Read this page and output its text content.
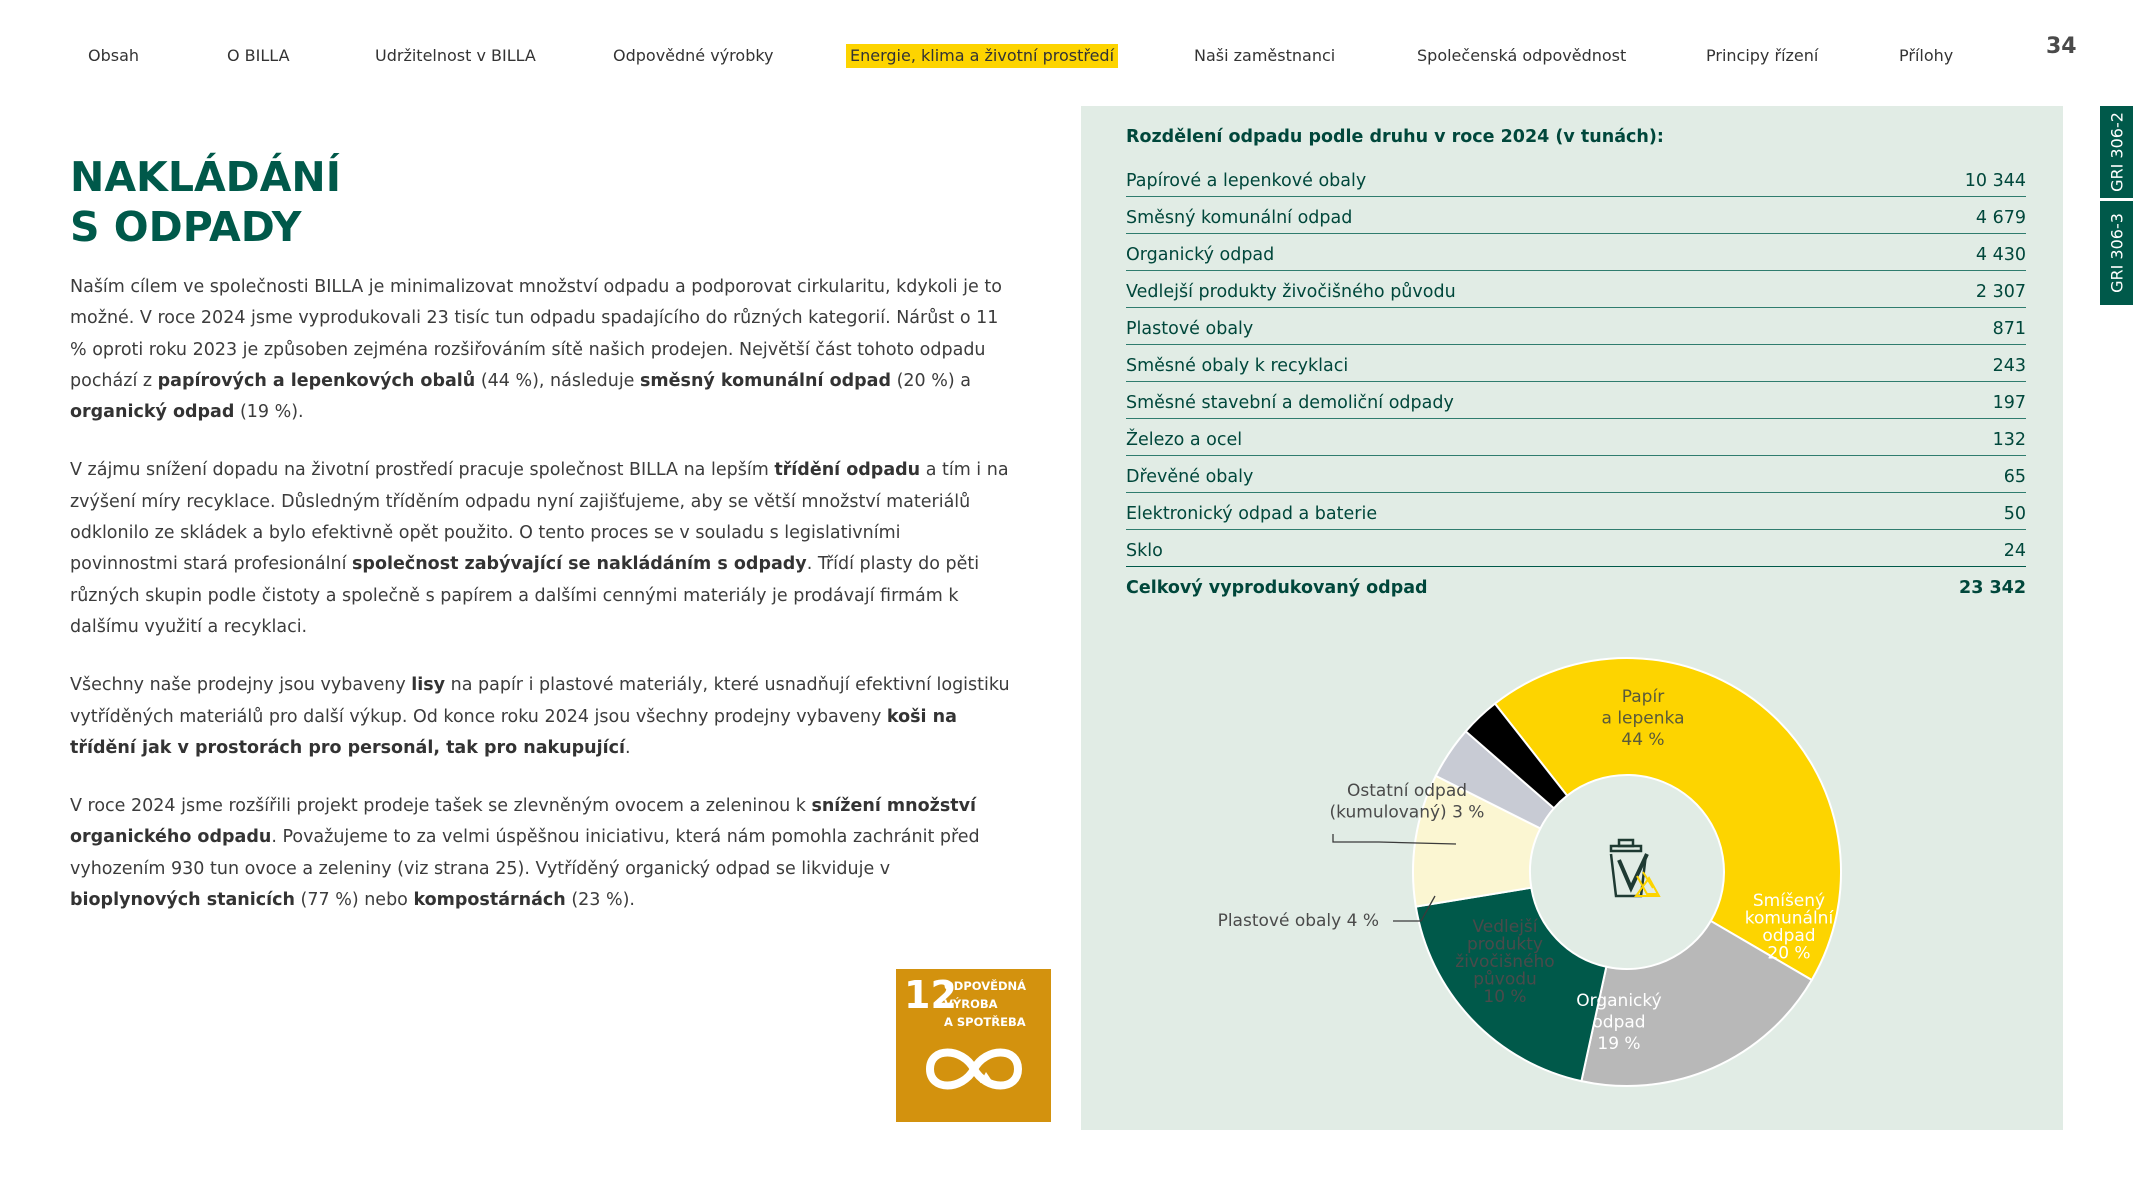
Obsah	O BILLA	Udržitelnost v BILLA	Odpovědné výrobky	Energie, klima a životní prostředí	Naši zaměstnanci	Společenská odpovědnost	Principy řízení	Přílohy	34
GRI 306-2
GRI 306-3
NAKLÁDÁNÍ
S ODPADY

Naším cílem ve společnosti BILLA je minimalizovat množství odpadu a podporovat cirkularitu, kdykoli je to možné. V roce 2024 jsme vyprodukovali 23 tisíc tun odpadu spadajícího do různých kategorií. Nárůst o 11 % oproti roku 2023 je způsoben zejména rozšiřováním sítě našich prodejen. Největší část tohoto odpadu pochází z papírových a lepenkových obalů (44 %), následuje směsný komunální odpad (20 %) a organický odpad (19 %).

V zájmu snížení dopadu na životní prostředí pracuje společnost BILLA na lepším třídění odpadu a tím i na zvýšení míry recyklace. Důsledným tříděním odpadu nyní zajišťujeme, aby se větší množství materiálů odklonilo ze skládek a bylo efektivně opět použito. O tento proces se v souladu s legislativními povinnostmi stará profesionální společnost zabývající se nakládáním s odpady. Třídí plasty do pěti různých skupin podle čistoty a společně s papírem a dalšími cennými materiály je prodávají firmám k dalšímu využití a recyklaci.

Všechny naše prodejny jsou vybaveny lisy na papír i plastové materiály, které usnadňují efektivní logistiku vytříděných materiálů pro další výkup. Od konce roku 2024 jsou všechny prodejny vybaveny koši na třídění jak v prostorách pro personál, tak pro nakupující.

V roce 2024 jsme rozšířili projekt prodeje tašek se zlevněným ovocem a zeleninou k snížení množství organického odpadu. Považujeme to za velmi úspěšnou iniciativu, která nám pomohla zachránit před vyhozením 930 tun ovoce a zeleniny (viz strana 25). Vytříděný organický odpad se likviduje v bioplynových stanicích (77 %) nebo kompostárnách (23 %).

12
ODPOVĚDNÁ
VÝROBA
A SPOTŘEBA
Rozdělení odpadu podle druhu v roce 2024 (v tunách):
Papírové a lepenkové obaly	10 344
Směsný komunální odpad	4 679
Organický odpad	4 430
Vedlejší produkty živočišného původu	2 307
Plastové obaly	871
Směsné obaly k recyklaci	243
Směsné stavební a demoliční odpady	197
Železo a ocel	132
Dřevěné obaly	65
Elektronický odpad a baterie	50
Sklo	24
Celkový vyprodukovaný odpad	23 342
Papír a lepenka 44 %
Smíšený komunální odpad 20 %
Organický odpad 19 %
Vedlejší produkty živočišného původu 10 %
Plastové obaly 4 %
Ostatní odpad (kumulovaný) 3 %
